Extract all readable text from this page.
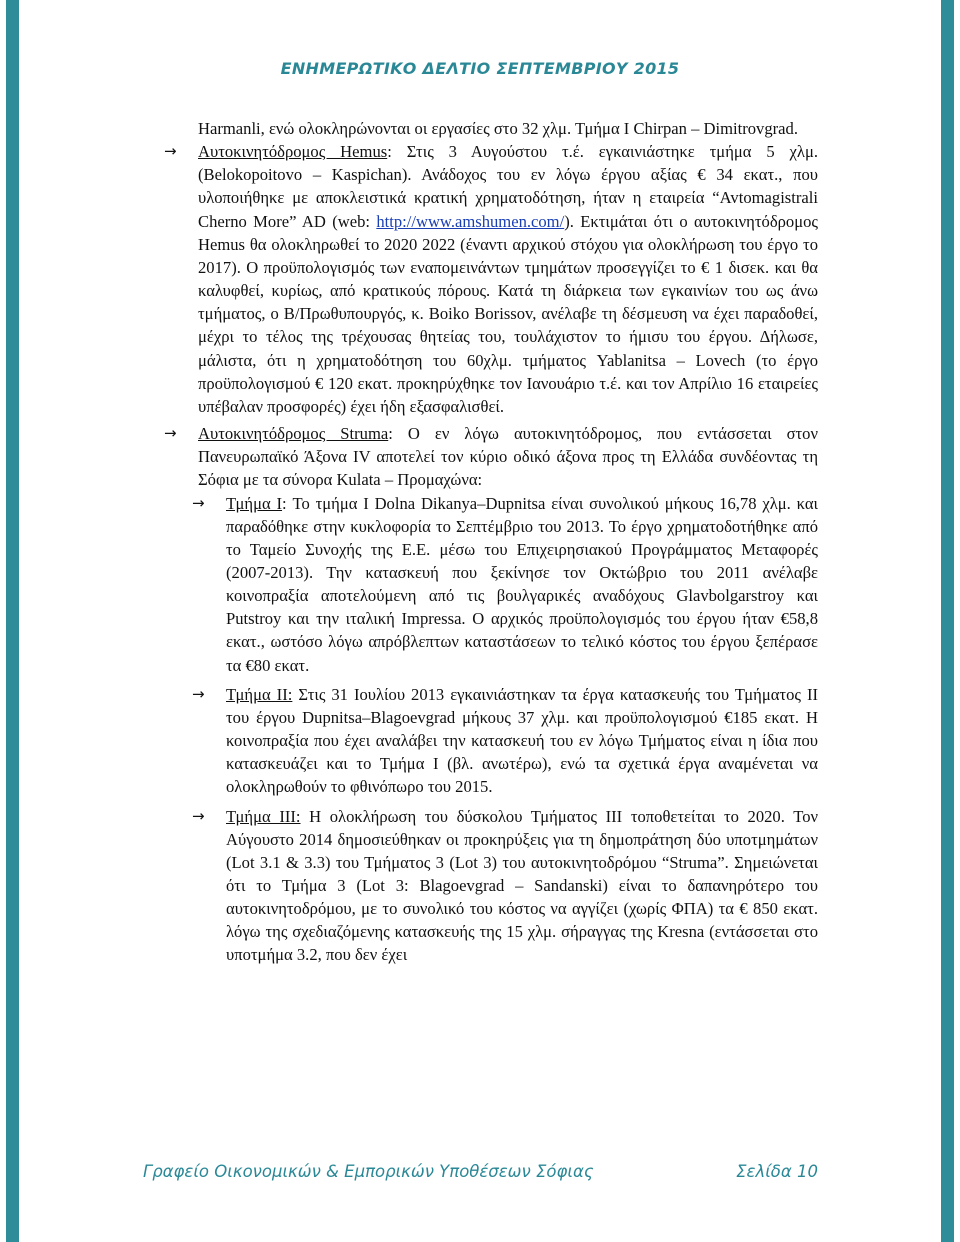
ΕΝΗΜΕΡΩΤΙΚΟ ΔΕΛΤΙΟ ΣΕΠΤΕΜΒΡΙΟΥ 2015

Harmanli, ενώ ολοκληρώνονται οι εργασίες στο 32 χλμ. Τμήμα I Chirpan – Dimitrovgrad.

→	Αυτοκινητόδρομος Hemus: Στις 3 Αυγούστου τ.έ. εγκαινιάστηκε τμήμα 5 χλμ. (Belokopoitovo – Kaspichan). Ανάδοχος του εν λόγω έργου αξίας € 34 εκατ., που υλοποιήθηκε με αποκλειστικά κρατική χρηματοδότηση, ήταν η εταιρεία “Avtomagistrali Cherno More” AD (web: http://www.amshumen.com/). Εκτιμάται ότι ο αυτοκινητόδρομος Hemus θα ολοκληρωθεί το 2020 2022 (έναντι αρχικού στόχου για ολοκλήρωση του έργο το 2017). Ο προϋπολογισμός των εναπομεινάντων τμημάτων προσεγγίζει το € 1 δισεκ. και θα καλυφθεί, κυρίως, από κρατικούς πόρους. Κατά τη διάρκεια των εγκαινίων του ως άνω τμήματος, ο Β/Πρωθυπουργός, κ. Boiko Borissov, ανέλαβε τη δέσμευση να έχει παραδοθεί, μέχρι το τέλος της τρέχουσας θητείας του, τουλάχιστον το ήμισυ του έργου. Δήλωσε, μάλιστα, ότι η χρηματοδότηση του 60χλμ. τμήματος Yablanitsa – Lovech (το έργο προϋπολογισμού € 120 εκατ. προκηρύχθηκε τον Ιανουάριο τ.έ. και τον Απρίλιο 16 εταιρείες υπέβαλαν προσφορές) έχει ήδη εξασφαλισθεί.
→	Αυτοκινητόδρομος Struma: Ο εν λόγω αυτοκινητόδρομος, που εντάσσεται στον Πανευρωπαϊκό Άξονα IV αποτελεί τον κύριο οδικό άξονα προς τη Ελλάδα συνδέοντας τη Σόφια με τα σύνορα Kulata – Προμαχώνα:
→	Τμήμα I: Το τμήμα I Dolna Dikanya–Dupnitsa είναι συνολικού μήκους 16,78 χλμ. και παραδόθηκε στην κυκλοφορία το Σεπτέμβριο του 2013. Το έργο χρηματοδοτήθηκε από το Ταμείο Συνοχής της Ε.Ε. μέσω του Επιχειρησιακού Προγράμματος Μεταφορές (2007-2013). Την κατασκευή που ξεκίνησε τον Οκτώβριο του 2011 ανέλαβε κοινοπραξία αποτελούμενη από τις βουλγαρικές αναδόχους Glavbolgarstroy και Putstroy και την ιταλική Impressa. Ο αρχικός προϋπολογισμός του έργου ήταν €58,8 εκατ., ωστόσο λόγω απρόβλεπτων καταστάσεων το τελικό κόστος του έργου ξεπέρασε τα €80 εκατ.
→	Τμήμα II: Στις 31 Ιουλίου 2013 εγκαινιάστηκαν τα έργα κατασκευής του Τμήματος II του έργου Dupnitsa–Blagoevgrad μήκους 37 χλμ. και προϋπολογισμού €185 εκατ. Η κοινοπραξία που έχει αναλάβει την κατασκευή του εν λόγω Τμήματος είναι η ίδια που κατασκευάζει και το Τμήμα I (βλ. ανωτέρω), ενώ τα σχετικά έργα αναμένεται να ολοκληρωθούν το φθινόπωρο του 2015.
→	Τμήμα III: Η ολοκλήρωση του δύσκολου Τμήματος III τοποθετείται το 2020. Τον Αύγουστο 2014 δημοσιεύθηκαν οι προκηρύξεις για τη δημοπράτηση δύο υποτμημάτων (Lot 3.1 & 3.3) του Τμήματος 3 (Lot 3) του αυτοκινητοδρόμου “Struma”. Σημειώνεται ότι το Τμήμα 3 (Lot 3: Blagoevgrad – Sandanski) είναι το δαπανηρότερο του αυτοκινητοδρόμου, με το συνολικό του κόστος να αγγίζει (χωρίς ΦΠΑ) τα € 850 εκατ. λόγω της σχεδιαζόμενης κατασκευής της 15 χλμ. σήραγγας της Kresna (εντάσσεται στο υποτμήμα 3.2, που δεν έχει
Γραφείο Οικονομικών & Εμπορικών Υποθέσεων Σόφιας	Σελίδα 10
